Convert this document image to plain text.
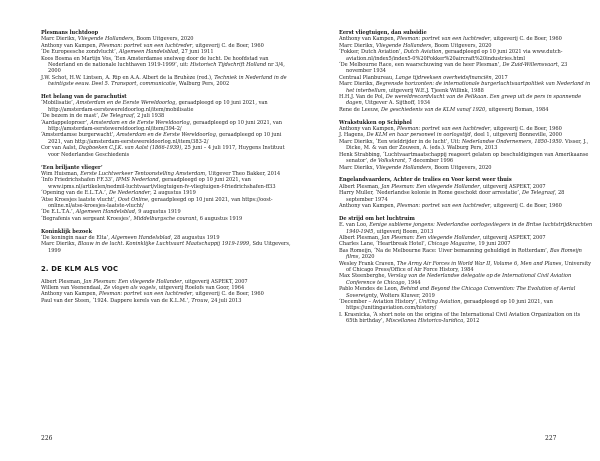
Plesmans luchtdoop
Marc Dierikx, Vliegende Hollanders, Boom Uitgevers, 2020
Anthony van Kampen, Plesman: portret van een luchtreder, uitgeverij C. de Boer, 1960
‘De Europeesche zondvlucht’, Algemeen Handelsblad, 27 juni 1911
Koos Bosma en Martijn Vos, ‘Een Amsterdamse snelweg door de lucht. De hoofdstad van Nederland en de nationale luchthaven 1919-1999’, uit: Historisch Tijdschrift Holland nr 3/4, 2000
J.W. Schot, H.W. Lintsen, A. Rip en A.A. Albert de la Bruhèze (red.), Techniek in Nederland in de twintigste eeuw. Deel 5. Transport, communicatie, Walburg Pers, 2002
Het belang van de parachutist
‘Mobilisatie’, Amsterdam en de Eerste Wereldoorlog, geraadpleegd op 10 juni 2021, van http://amsterdam-eerstewereldoorlog.nl/item/mobilisatie
‘De bezem in de mast’, De Telegraaf, 2 juli 1938
‘Aardappeloproer’, Amsterdam en de Eerste Wereldoorlog, geraadpleegd op 10 juni 2021, van http://amsterdam-eerstewereldoorlog.nl/item/394-2/
‘Amsterdamse burgerwacht’, Amsterdam en de Eerste Wereldoorlog, geraadpleegd op 10 juni 2021, van http://amsterdam-eerstewereldoorlog.nl/item/383-2/
Cor van Aalst, Dagboeken C.J.K. van Aalst (1866-1939), 25 juni – 4 juli 1917, Huygens Instituut voor Nederlandse Geschiedenis
‘Een briljante vlieger’
Wim Huisman, Eerste Luchtverkeer Tentoonstelling Amsterdam, Uitgever Theo Bakker, 2014
‘Info Friedrichshafen FF.33’, IPMS Nederland, geraadpleegd op 10 juni 2021, van www.ipms.nl/artikelen/nedmil-luchtvaart/vliegtuigen-fv-vliegtuigen-f-friedrichshafen-ff33
‘Opening van de E.L.T.A.’, De Nederlander, 2 augustus 1919
‘Atse Kroesjes laatste vlucht’, Oost Online, geraadpleegd op 10 juni 2021, van https://oost-online.nl/atse-kroesjes-laatste-vlucht/
‘De E.L.T.A.’, Algemeen Handelsblad, 9 augustus 1919
‘Begrafenis van sergeant Kroesjes’, Middelburgsche courant, 6 augustus 1919
Koninklijk bezoek
‘De koningin naar de Elta’, Algemeen Handelsblad, 28 augustus 1919
Marc Dierikx, Blauw in de lucht. Koninklijke Luchtvaart Maatschappij 1919-1999, Sdu Uitgevers, 1999
2. DE KLM ALS VOC
Albert Plesman, Jan Plesman: Een vliegende Hollander, uitgeverij ASPEKT, 2007
Willem van Veenendaal, Ze vlogen als vogels, uitgeverij Roelofs van Goor, 1964
Anthony van Kampen, Plesman: portret van een luchtreder, uitgeverij C. de Boer, 1960
Paul van der Steen, ‘1924. Dappere kerels van de K.L.M.’, Trouw, 24 juli 2013
Eerst vliegtuigen, dan subsidie
Anthony van Kampen, Plesman: portret van een luchtreder, uitgeverij C. de Boer, 1960
Marc Dierikx, Vliegende Hollanders, Boom Uitgevers, 2020
‘Fokker, Dutch Aviation’, Dutch Aviation, geraadpleegd op 10 juni 2021 via www.dutch-aviation.nl/index5/index5-0%20Fokker%20aircraft%20industries.html
‘De Melbourne Race, een waarschuwing van de heer Plesman’, De Zuid-Willemsvaart, 23 november 1934
Centraal Planbureau, Lange tijdreeksen overheidsfinanciën, 2017
Marc Dierikx, Begrensde horizonten: de internationale burgerluchtvaartpolitiek van Nederland in het interbellum, uitgeverij W.E.J. Tjeenk Willink, 1988
H.H.J. Van de Pol, De wereldrecordvlucht van de Pelikaan. Een greep uit de pers in spannende dagen, Uitgever A. Sijthoff, 1934
Rene de Leeuw, De geschiedenis van de KLM vanaf 1920, uitgeverij Boman, 1984
Wrakstukken op Schiphol
Anthony van Kampen, Plesman: portret van een luchtreder, uitgeverij C. de Boer, 1960
J. Hagens, De KLM en haar personeel in oorlogstijd, deel 1, uitgeverij Bonneville, 2000
Marc Dierikx, ‘Een wieldrijder in de lucht’, Uit: Nederlandse Ondernemers, 1850-1950. Visser, J., Dicke, M. & van der Zouwen, A. (eds.). Walburg Pers, 2013
Henk Strabbing, ‘Luchtvaartmaatschappij reageert gelaten op beschuldigingen van Amerikaanse senator’, de Volkskrant, 7 december 1996
Marc Dierikx, Vliegende Hollanders, Boom Uitgevers, 2020
Engelandvaarders, Achter de tralies en Voor kerst weer thuis
Albert Plesman, Jan Plesman: Een vliegende Hollander, uitgeverij ASPEKT, 2007
Harry Muller, ‘Nederlandse kolonie in Rome geschokt door arrestatie’, De Telegraaf, 28 september 1974
Anthony van Kampen, Plesman: portret van een luchtreder, uitgeverij C. de Boer, 1960
De strijd om het luchtruim
E. van Loo, Eenige sublieme jongens: Nederlandse oorlogsvliegers in de Britse luchtstrijdkrachten 1940-1945, uitgeverij Boom, 2013
Albert Plesman, Jan Plesman: Een vliegende Hollander, uitgeverij ASPEKT, 2007
Charles Lane, ‘Heartbreak Hotel’, Chicago Magazine, 19 juni 2007
Bas Romeijn, ‘Na de Melbourne Race: Uiver bemanning gehuldigd in Rotterdam’, Bas Romeijn films, 2020
Wesley Frank Craven, The Army Air Forces in World War II, Volume 6, Men and Planes, University of Chicago Press/Office of Air Force History, 1984
Max Steenberghe, Verslag van de Nederlandse delegatie op de International Civil Aviation Conference te Chicago, 1944
Pablo Mendes de Leon, Behind and Beyond the Chicago Convention: The Evolution of Aerial Sovereignty, Wolters Kluwer, 2019
‘December – Aviation History’, Uniting Aviation, geraadpleegd op 10 juni 2021, van https://unitingaviation.com/history/
I. Krasnicka, ‘A short note on the origins of the International Civil Aviation Organization on its 65th birthday’, Miscellanea Historico-Iuridica, 2012
226	227
